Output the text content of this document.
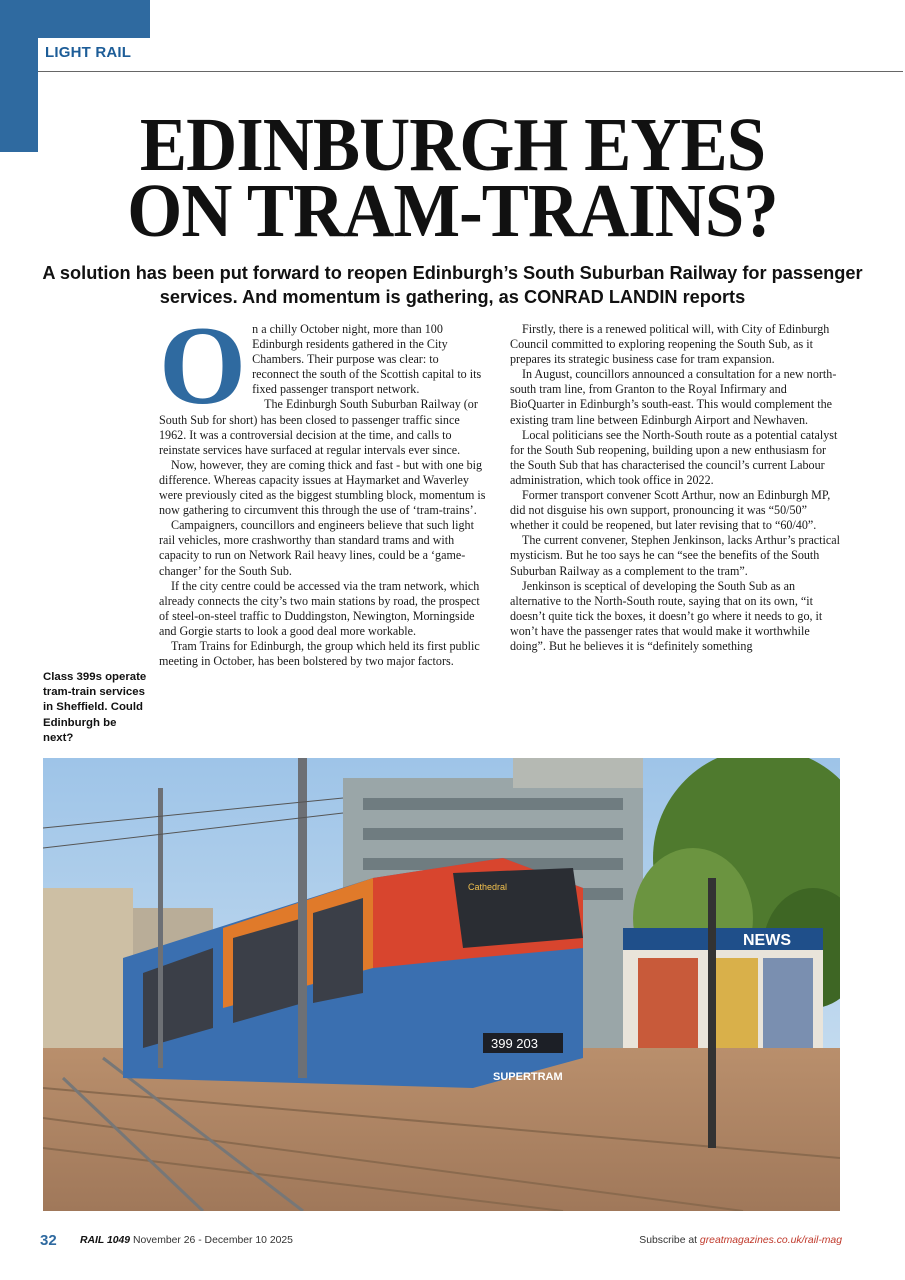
LIGHT RAIL
EDINBURGH EYES
ON TRAM-TRAINS?
A solution has been put forward to reopen Edinburgh’s South Suburban Railway for passenger services. And momentum is gathering, as CONRAD LANDIN reports
O n a chilly October night, more than 100 Edinburgh residents gathered in the City Chambers. Their purpose was clear: to reconnect the south of the Scottish capital to its fixed passenger transport network.

The Edinburgh South Suburban Railway (or South Sub for short) has been closed to passenger traffic since 1962. It was a controversial decision at the time, and calls to reinstate services have surfaced at regular intervals ever since.

Now, however, they are coming thick and fast - but with one big difference. Whereas capacity issues at Haymarket and Waverley were previously cited as the biggest stumbling block, momentum is now gathering to circumvent this through the use of ‘tram-trains’.

Campaigners, councillors and engineers believe that such light rail vehicles, more crashworthy than standard trams and with capacity to run on Network Rail heavy lines, could be a ‘game-changer’ for the South Sub.

If the city centre could be accessed via the tram network, which already connects the city’s two main stations by road, the prospect of steel-on-steel traffic to Duddingston, Newington, Morningside and Gorgie starts to look a good deal more workable.

Tram Trains for Edinburgh, the group which held its first public meeting in October, has been bolstered by two major factors.

Firstly, there is a renewed political will, with City of Edinburgh Council committed to exploring reopening the South Sub, as it prepares its strategic business case for tram expansion.

In August, councillors announced a consultation for a new north-south tram line, from Granton to the Royal Infirmary and BioQuarter in Edinburgh’s south-east. This would complement the existing tram line between Edinburgh Airport and Newhaven.

Local politicians see the North-South route as a potential catalyst for the South Sub reopening, building upon a new enthusiasm for the South Sub that has characterised the council’s current Labour administration, which took office in 2022.

Former transport convener Scott Arthur, now an Edinburgh MP, did not disguise his own support, pronouncing it was “50/50” whether it could be reopened, but later revising that to “60/40”.

The current convener, Stephen Jenkinson, lacks Arthur’s practical mysticism. But he too says he can “see the benefits of the South Suburban Railway as a complement to the tram”.

Jenkinson is sceptical of developing the South Sub as an alternative to the North-South route, saying that on its own, “it doesn’t quite tick the boxes, it doesn’t go where it needs to go, it won’t have the passenger rates that would make it worthwhile doing”. But he believes it is “definitely something

Class 399s operate tram-train services in Sheffield. Could Edinburgh be next?
NEWS
399 203
SUPERTRAM
Cathedral
32 RAIL 1049 November 26 - December 10 2025	Subscribe at greatmagazines.co.uk/rail-mag
